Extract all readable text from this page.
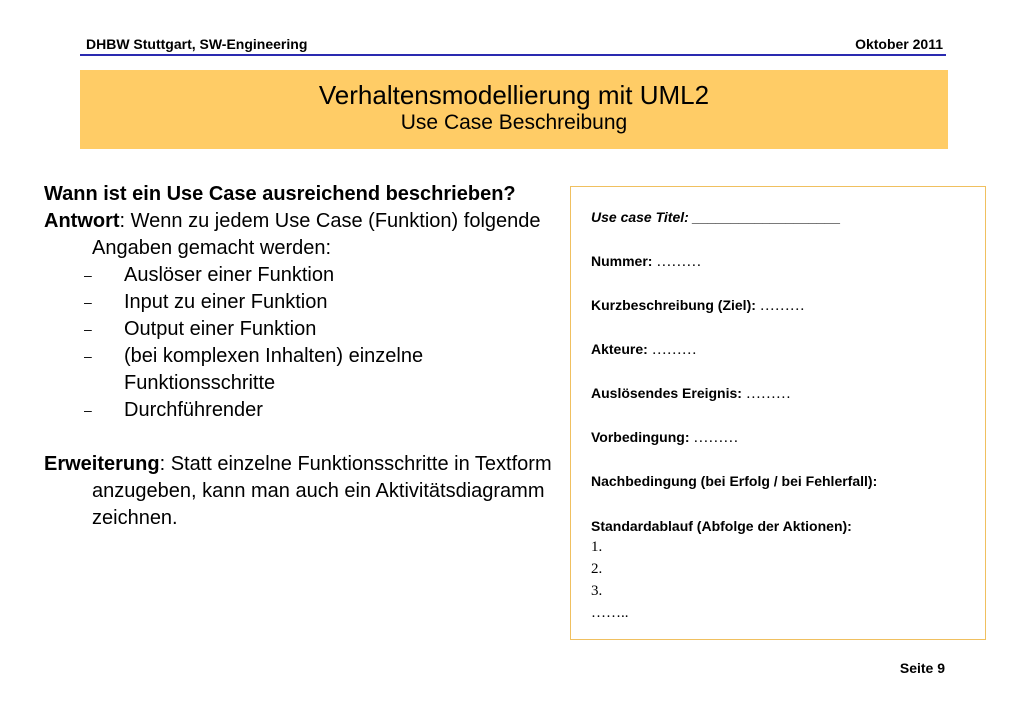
DHBW Stuttgart, SW-Engineering	Oktober 2011
Verhaltensmodellierung mit UML2
Use Case Beschreibung
Wann ist ein Use Case ausreichend beschrieben?
Antwort: Wenn zu jedem Use Case (Funktion) folgende Angaben gemacht werden:
– Auslöser einer Funktion
– Input zu einer Funktion
– Output einer Funktion
– (bei komplexen Inhalten) einzelne Funktionsschritte
– Durchführender
Erweiterung: Statt einzelne Funktionsschritte in Textform anzugeben, kann man auch ein Aktivitätsdiagramm zeichnen.
Use case Titel: ___________________
Nummer: ………
Kurzbeschreibung (Ziel): ………
Akteure: ………
Auslösendes Ereignis: ………
Vorbedingung: ………
Nachbedingung (bei Erfolg / bei Fehlerfall):
Standardablauf (Abfolge der Aktionen):
1.
2.
3.
……..
Seite 9
